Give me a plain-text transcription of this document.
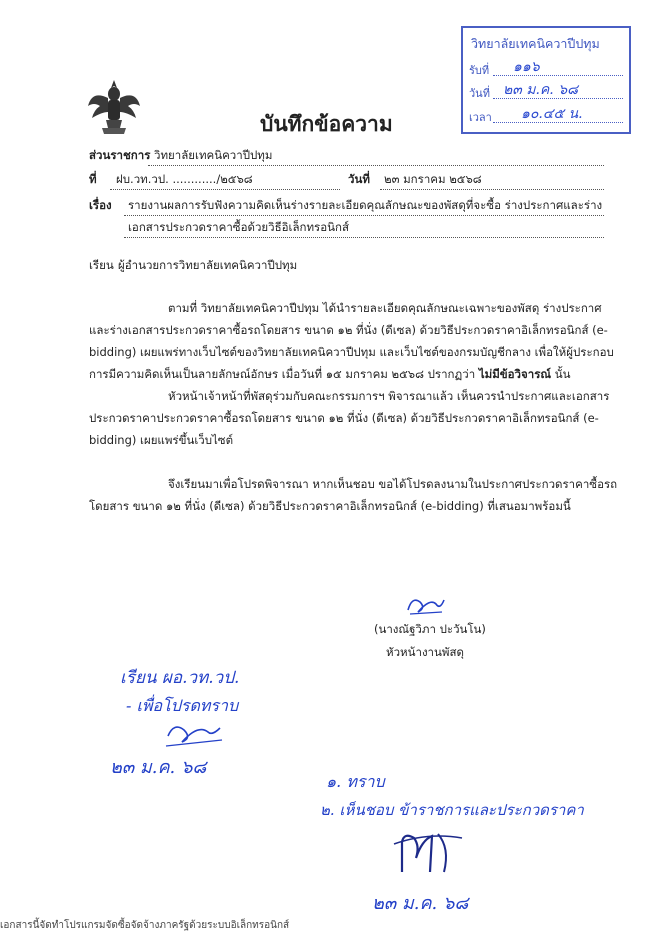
วิทยาลัยเทคนิควาปีปทุม
รับที่ ๑๑๖
วันที่ ๒๓ ม.ค. ๖๘
เวลา ๑๐.๔๕ น.
บันทึกข้อความ
ส่วนราชการ วิทยาลัยเทคนิควาปีปทุม
ที่ ฝบ.วท.วป. ............/๒๕๖๘	วันที่ ๒๓ มกราคม ๒๕๖๘
เรื่อง รายงานผลการรับฟังความคิดเห็นร่างรายละเอียดคุณลักษณะของพัสดุที่จะซื้อ ร่างประกาศและร่าง
เอกสารประกวดราคาซื้อด้วยวิธีอิเล็กทรอนิกส์
เรียน ผู้อำนวยการวิทยาลัยเทคนิควาปีปทุม
ตามที่ วิทยาลัยเทคนิควาปีปทุม ได้นำรายละเอียดคุณลักษณะเฉพาะของพัสดุ ร่างประกาศ
และร่างเอกสารประกวดราคาซื้อรถโดยสาร ขนาด ๑๒ ที่นั่ง (ดีเซล) ด้วยวิธีประกวดราคาอิเล็กทรอนิกส์ (e-
bidding) เผยแพร่ทางเว็บไซต์ของวิทยาลัยเทคนิควาปีปทุม และเว็บไซต์ของกรมบัญชีกลาง เพื่อให้ผู้ประกอบ
การมีความคิดเห็นเป็นลายลักษณ์อักษร เมื่อวันที่ ๑๕ มกราคม ๒๕๖๘ ปรากฏว่า ไม่มีข้อวิจารณ์ นั้น
หัวหน้าเจ้าหน้าที่พัสดุร่วมกับคณะกรรมการฯ พิจารณาแล้ว เห็นควรนำประกาศและเอกสาร
ประกวดราคาประกวดราคาซื้อรถโดยสาร ขนาด ๑๒ ที่นั่ง (ดีเซล) ด้วยวิธีประกวดราคาอิเล็กทรอนิกส์ (e-
bidding) เผยแพร่ขึ้นเว็บไซต์
จึงเรียนมาเพื่อโปรดพิจารณา หากเห็นชอบ ขอได้โปรดลงนามในประกาศประกวดราคาซื้อรถ
โดยสาร ขนาด ๑๒ ที่นั่ง (ดีเซล) ด้วยวิธีประกวดราคาอิเล็กทรอนิกส์ (e-bidding) ที่เสนอมาพร้อมนี้
(นางณัฐวิภา ปะวันโน)
หัวหน้างานพัสดุ
เรียน ผอ.วท.วป.
- เพื่อโปรดทราบ
๒๓ ม.ค. ๖๘
๑. ทราบ
๒. เห็นชอบ ข้าราชการและประกวดราคา
๒๓ ม.ค. ๖๘
เอกสารนี้จัดทำโปรแกรมจัดซื้อจัดจ้างภาครัฐด้วยระบบอิเล็กทรอนิกส์
